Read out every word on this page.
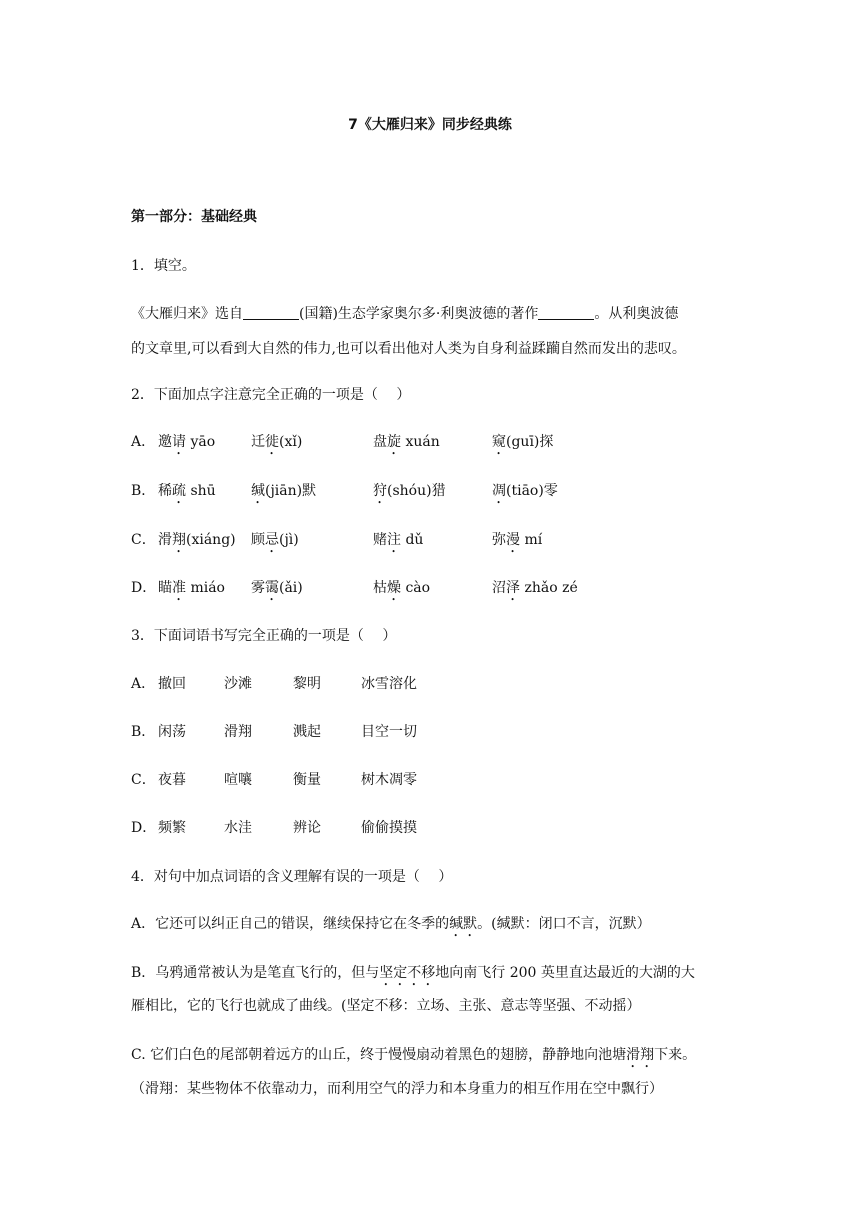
7《大雁归来》同步经典练
第一部分：基础经典
1．填空。
《大雁归来》选自	(国籍)生态学家奥尔多·利奥波德的著作	。从利奥波德
的文章里,可以看到大自然的伟力,也可以看出他对人类为自身利益蹂躏自然而发出的悲叹。
2．下面加点字注意完全正确的一项是（　 ）
A． 邀请 yāo	迁徙(xǐ)	盘旋 xuán	窥(guī)探
B． 稀疏 shū	缄(jiān)默	狩(shóu)猎	凋(tiāo)零
C． 滑翔(xiáng) 顾忌(jì)	赌注 dǔ	弥漫 mí
D． 瞄准 miáo 雾霭(ǎi)	枯燥 cào	沼泽 zhǎo zé
3．下面词语书写完全正确的一项是（　 ）
A． 撤回	沙滩	黎明	冰雪溶化
B． 闲荡	滑翔	溅起	目空一切
C． 夜暮	喧嚷	衡量	树木凋零
D． 频繁	水洼	辨论	偷偷摸摸
4．对句中加点词语的含义理解有误的一项是（　 ）
A．它还可以纠正自己的错误，继续保持它在冬季的缄默。(缄默：闭口不言，沉默）
B．乌鸦通常被认为是笔直飞行的，但与坚定不移地向南飞行 200 英里直达最近的大湖的大
雁相比，它的飞行也就成了曲线。(坚定不移：立场、主张、意志等坚强、不动摇）
C. 它们白色的尾部朝着远方的山丘，终于慢慢扇动着黑色的翅膀，静静地向池塘滑翔下来。
（滑翔：某些物体不依靠动力，而利用空气的浮力和本身重力的相互作用在空中飘行）
